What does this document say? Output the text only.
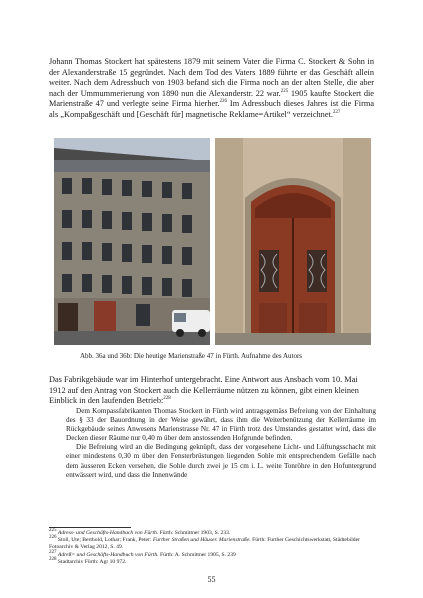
Johann Thomas Stockert hat spätestens 1879 mit seinem Vater die Firma C. Stockert & Sohn in der Alexanderstraße 15 gegründet. Nach dem Tod des Vaters 1889 führte er das Geschäft allein weiter. Nach dem Adressbuch von 1903 befand sich die Firma noch an der alten Stelle, die aber nach der Ummummerierung von 1890 nun die Alexanderstr. 22 war.$^{225}$ 1905 kaufte Stockert die Marienstraße 47 und verlegte seine Firma hierher.$^{226}$ Im Adressbuch dieses Jahres ist die Firma als „Kompaßgeschäft und [Geschäft für] magnetische Reklame=Artikel“ verzeichnet.$^{227}$
Abb. 36a und 36b: Die heutige Marienstraße 47 in Fürth. Aufnahme des Autors
Das Fabrikgebäude war im Hinterhof untergebracht. Eine Antwort aus Ansbach vom 10. Mai 1912 auf den Antrag von Stockert auch die Kellerräume nützen zu können, gibt einen kleinen Einblick in den laufenden Betrieb:$^{228}$

Dem Kompassfabrikanten Thomas Stockert in Fürth wird antragsgemäss Befreiung von der Einhaltung des § 33 der Bauordnung in der Weise gewährt, dass ihm die Weiterbenützung der Kellerräume im Rückgebäude seines Anwesens Marienstrasse Nr. 47 in Fürth trotz des Umstandes gestattet wird, dass die Decken dieser Räume nur 0,40 m über dem anstossenden Hofgrunde befinden.

Die Befreiung wird an die Bedingung geknüpft, dass der vorgesehene Licht- und Lüftungsschacht mit einer mindestens 0,30 m über den Fensterbrüstungen liegenden Sohle mit entsprechendem Gefälle nach dem äusseren Ecken versehen, die Sohle durch zwei je 15 cm i. L. weite Tonröhre in den Hofuntergrund entwässert wird, und dass die Innenwände

$^{225}$ Adress- und Geschäfts-Handbuch von Fürth. Fürth: Schmittner 1903, S. 233.
$^{226}$ Stoll, Ute; Berthold, Lothar; Frank, Peter: Further Straßen und Häuser. Marienstraße. Fürth: Further Geschichtswerkstatt, Städtebilder Fotoarchiv & Verlag 2012, S. 49.
$^{227}$ Adreß= und Geschäfts-Handbuch von Fürth. Fürth: A. Schmittner 1905, S. 239
$^{228}$ Stadtarchiv Fürth: Agr 10 972.
55
